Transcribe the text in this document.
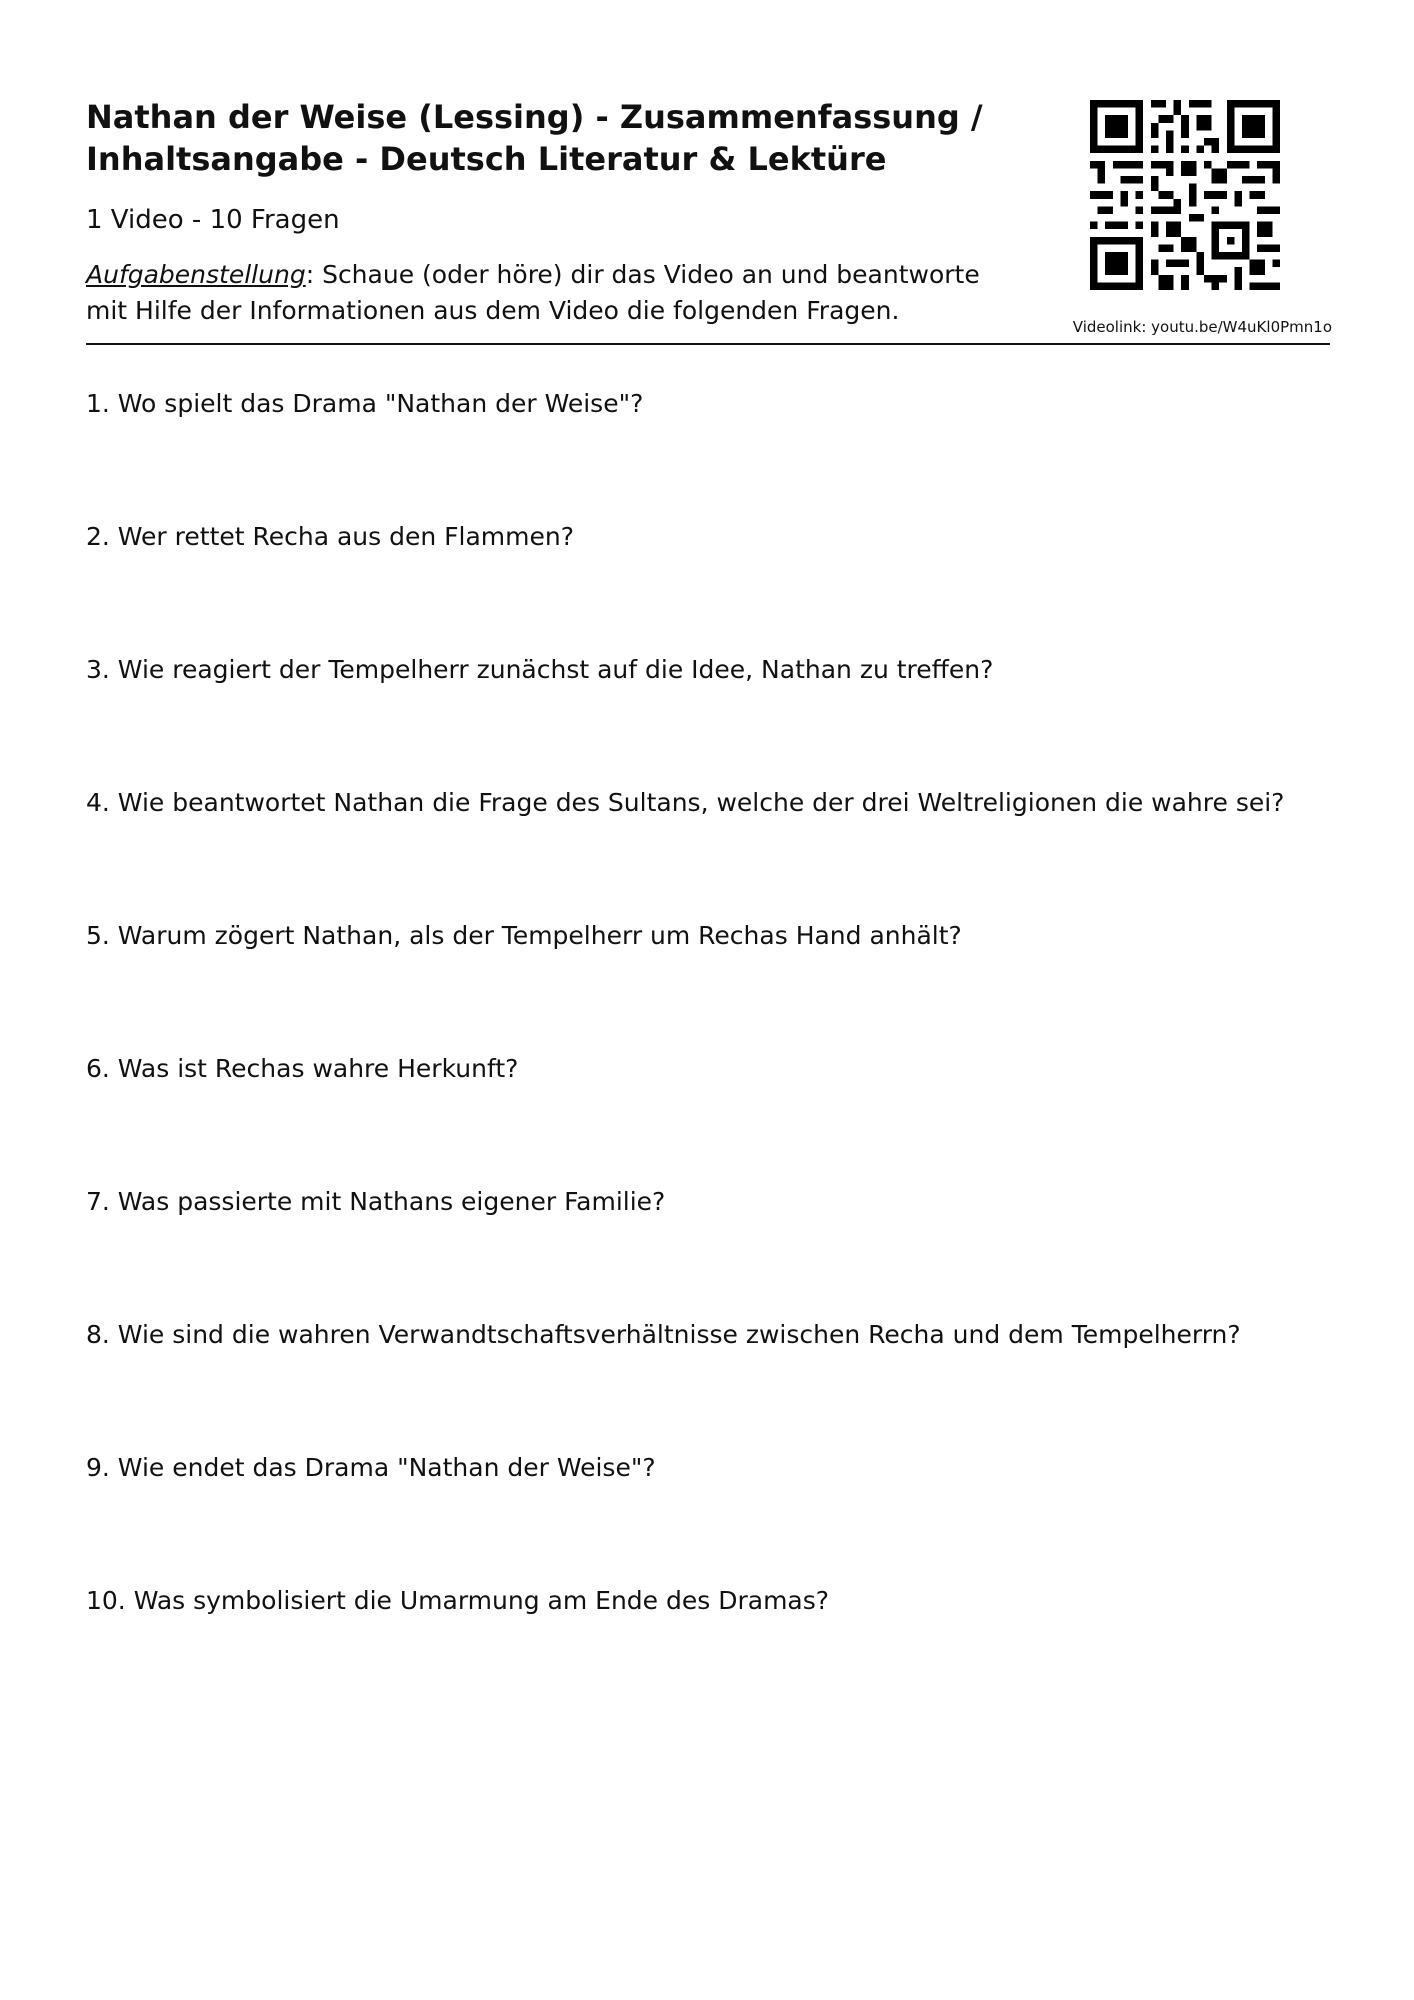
Nathan der Weise (Lessing) - Zusammenfassung /
Inhaltsangabe - Deutsch Literatur & Lektüre

1 Video - 10 Fragen

Aufgabenstellung: Schaue (oder höre) dir das Video an und beantworte mit Hilfe der Informationen aus dem Video die folgenden Fragen.

Videolink: youtu.be/W4uKl0Pmn1o
1. Wo spielt das Drama "Nathan der Weise"?
2. Wer rettet Recha aus den Flammen?
3. Wie reagiert der Tempelherr zunächst auf die Idee, Nathan zu treffen?
4. Wie beantwortet Nathan die Frage des Sultans, welche der drei Weltreligionen die wahre sei?
5. Warum zögert Nathan, als der Tempelherr um Rechas Hand anhält?
6. Was ist Rechas wahre Herkunft?
7. Was passierte mit Nathans eigener Familie?
8. Wie sind die wahren Verwandtschaftsverhältnisse zwischen Recha und dem Tempelherrn?
9. Wie endet das Drama "Nathan der Weise"?
10. Was symbolisiert die Umarmung am Ende des Dramas?
